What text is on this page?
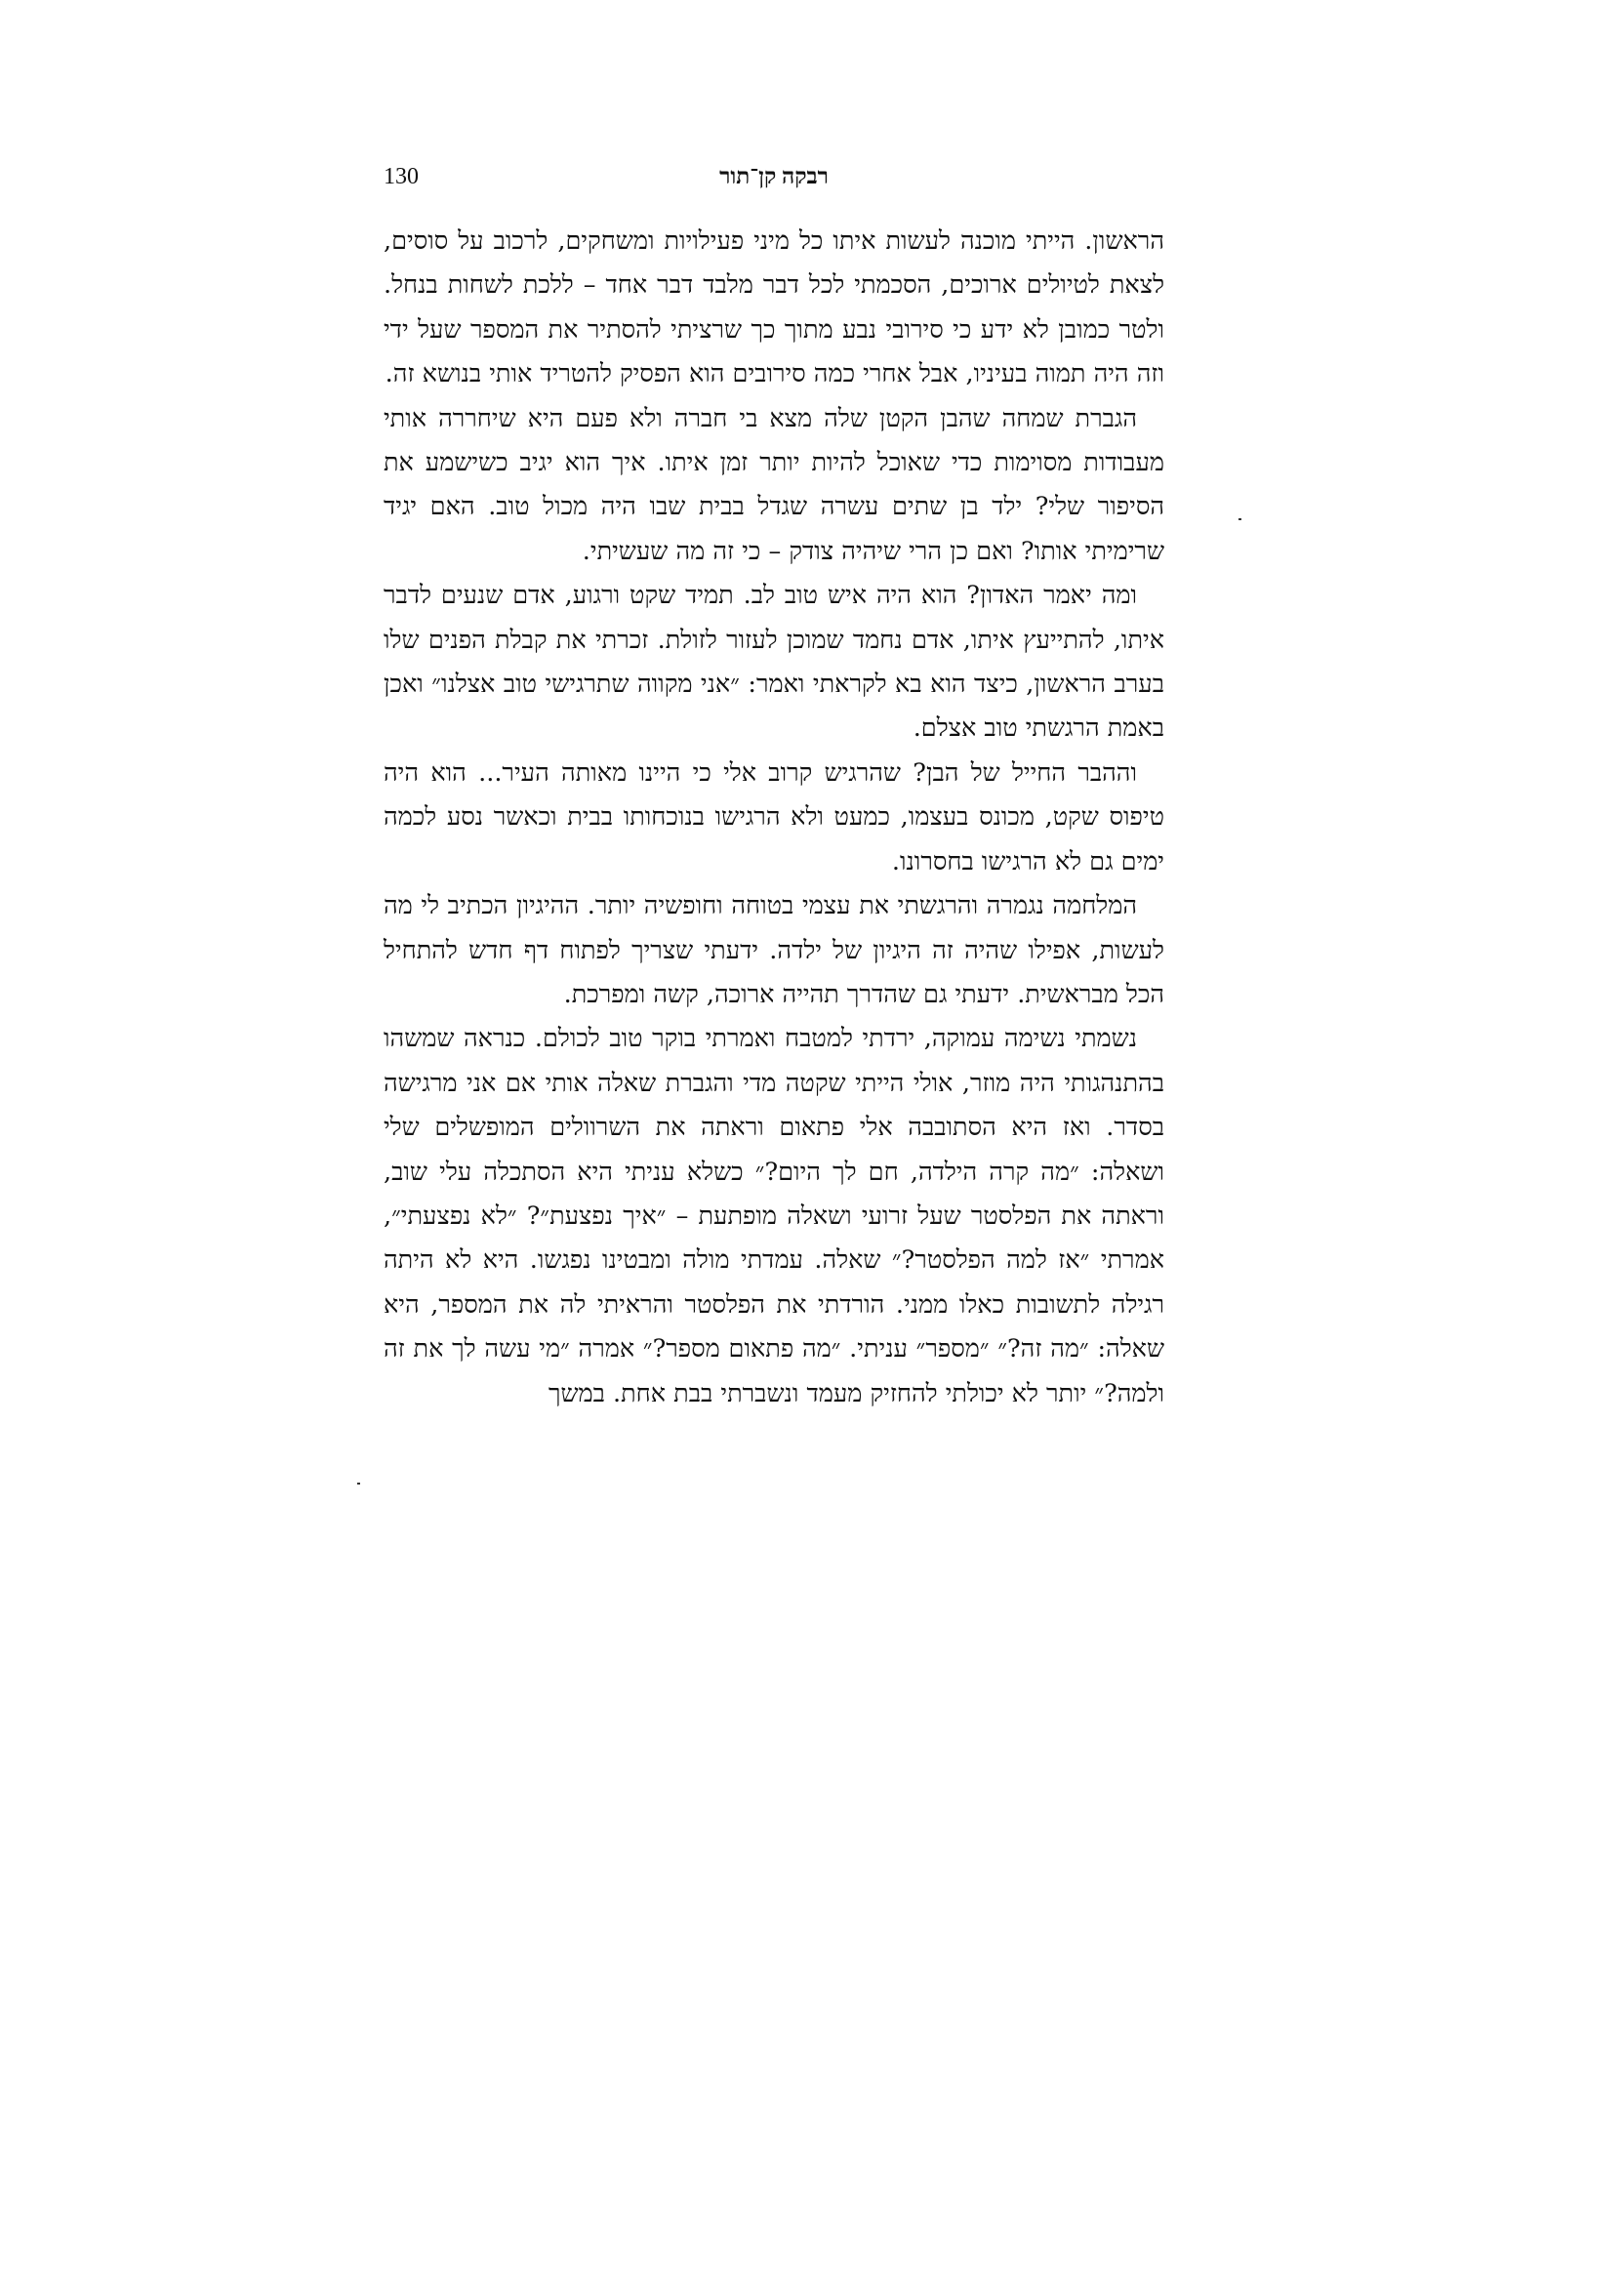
130	רבקה קן־תור

הראשון. הייתי מוכנה לעשות איתו כל מיני פעילויות ומשחקים, לרכוב על סוסים, לצאת לטיולים ארוכים, הסכמתי לכל דבר מלבד דבר אחד – ללכת לשחות בנחל. ולטר כמובן לא ידע כי סירובי נבע מתוך כך שרציתי להסתיר את המספר שעל ידי וזה היה תמוה בעיניו, אבל אחרי כמה סירובים הוא הפסיק להטריד אותי בנושא זה.

הגברת שמחה שהבן הקטן שלה מצא בי חברה ולא פעם היא שיחררה אותי מעבודות מסוימות כדי שאוכל להיות יותר זמן איתו. איך הוא יגיב כשישמע את הסיפור שלי? ילד בן שתים עשרה שגדל בבית שבו היה מכול טוב. האם יגיד שרימיתי אותו? ואם כן הרי שיהיה צודק – כי זה מה שעשיתי.

ומה יאמר האדון? הוא היה איש טוב לב. תמיד שקט ורגוע, אדם שנעים לדבר איתו, להתייעץ איתו, אדם נחמד שמוכן לעזור לזולת. זכרתי את קבלת הפנים שלו בערב הראשון, כיצד הוא בא לקראתי ואמר: ״אני מקווה שתרגישי טוב אצלנו״ ואכן באמת הרגשתי טוב אצלם.

וההבר החייל של הבן? שהרגיש קרוב אלי כי היינו מאותה העיר... הוא היה טיפוס שקט, מכונס בעצמו, כמעט ולא הרגישו בנוכחותו בבית וכאשר נסע לכמה ימים גם לא הרגישו בחסרונו.

המלחמה נגמרה והרגשתי את עצמי בטוחה וחופשיה יותר. ההיגיון הכתיב לי מה לעשות, אפילו שהיה זה היגיון של ילדה. ידעתי שצריך לפתוח דף חדש להתחיל הכל מבראשית. ידעתי גם שהדרך תהייה ארוכה, קשה ומפרכת.

נשמתי נשימה עמוקה, ירדתי למטבח ואמרתי בוקר טוב לכולם. כנראה שמשהו בהתנהגותי היה מוזר, אולי הייתי שקטה מדי והגברת שאלה אותי אם אני מרגישה בסדר. ואז היא הסתובבה אלי פתאום וראתה את השרוולים המופשלים שלי ושאלה: ״מה קרה הילדה, חם לך היום?״ כשלא עניתי היא הסתכלה עלי שוב, וראתה את הפלסטר שעל זרועי ושאלה מופתעת – ״איך נפצעת״? ״לא נפצעתי״, אמרתי ״אז למה הפלסטר?״ שאלה. עמדתי מולה ומבטינו נפגשו. היא לא היתה רגילה לתשובות כאלו ממני. הורדתי את הפלסטר והראיתי לה את המספר, היא שאלה: ״מה זה?״ ״מספר״ עניתי. ״מה פתאום מספר?״ אמרה ״מי עשה לך את זה ולמה?״ יותר לא יכולתי להחזיק מעמד ונשברתי בבת אחת. במשך
